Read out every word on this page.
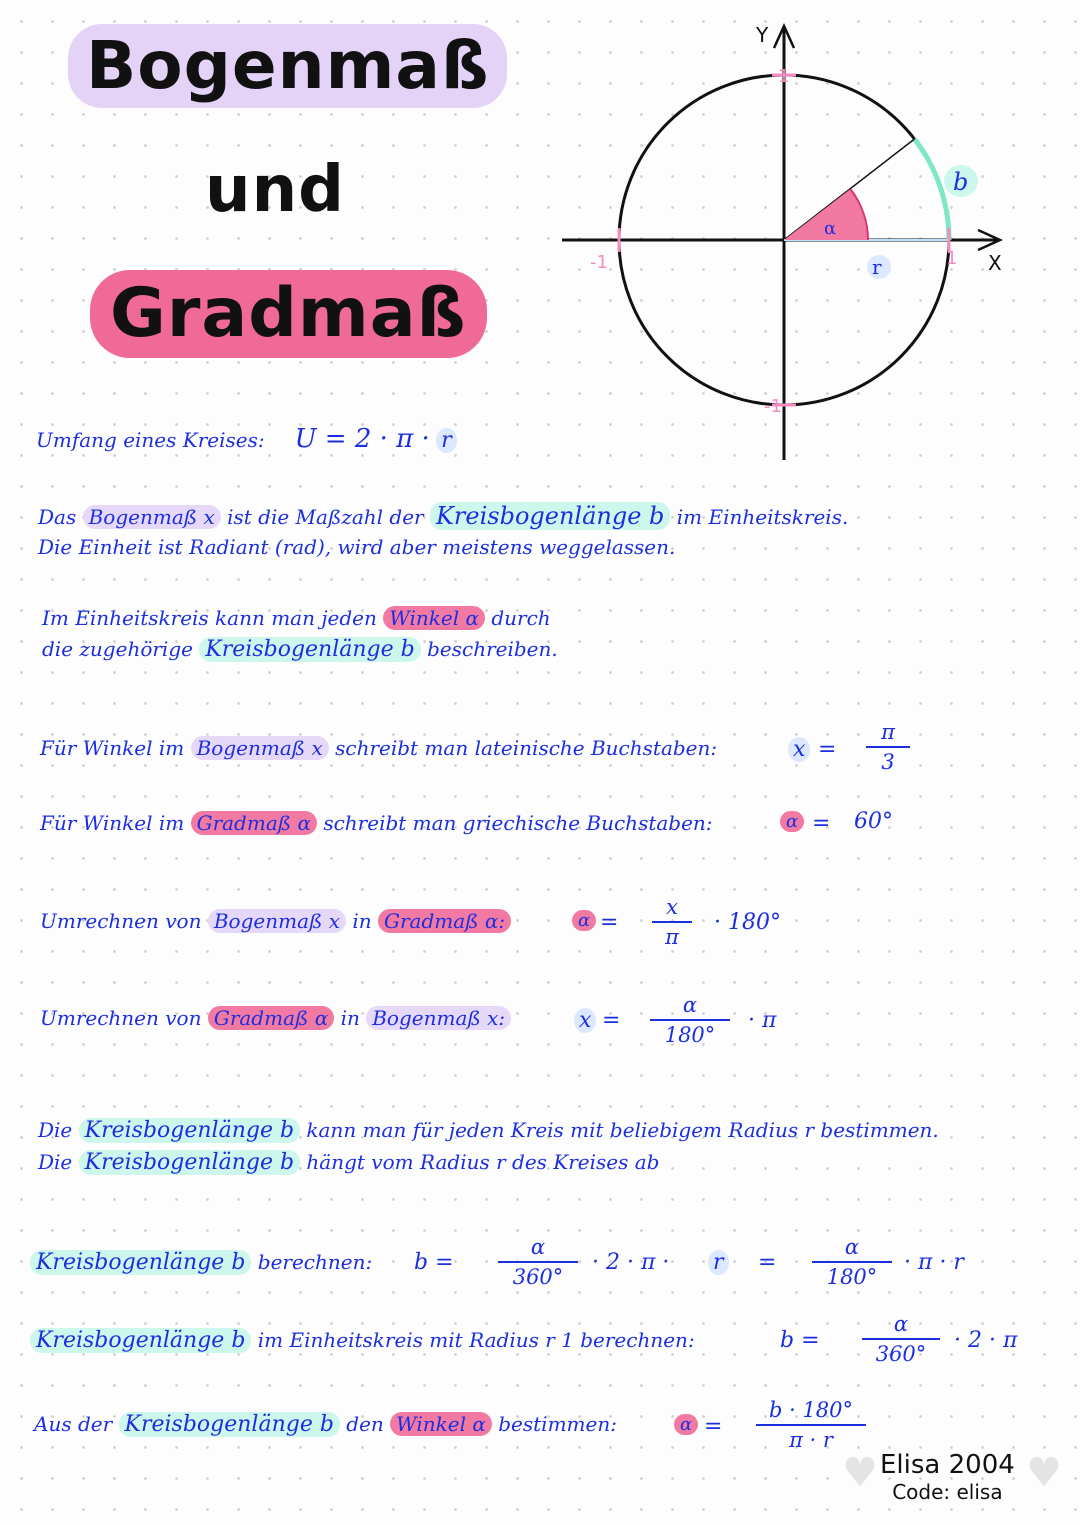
Bogenmaß
und
Gradmaß
1
1
-1
-1
Y
X
b
α
r
Umfang eines Kreises: U = 2 · π · r
Das Bogenmaß x ist die Maßzahl der Kreisbogenlänge b im Einheitskreis.
Die Einheit ist Radiant (rad), wird aber meistens weggelassen.
Im Einheitskreis kann man jeden Winkel α durch
die zugehörige Kreisbogenlänge b beschreiben.
Für Winkel im Bogenmaß x schreibt man lateinische Buchstaben:	$x = \frac{\pi}{3}$
Für Winkel im Gradmaß α schreibt man griechische Buchstaben:	α = 60°
Umrechnen von Bogenmaß x in Gradmaß α:	$\alpha = \frac{x}{\pi} \cdot 180^\circ$
Umrechnen von Gradmaß α in Bogenmaß x:	$x = \frac{\alpha}{180^\circ} \cdot \pi$
Die Kreisbogenlänge b kann man für jeden Kreis mit beliebigem Radius r bestimmen.
Die Kreisbogenlänge b hängt vom Radius r des Kreises ab
Kreisbogenlänge b berechnen: $b = \frac{\alpha}{360^\circ} \cdot 2 \cdot \pi \cdot r = \frac{\alpha}{180^\circ} \cdot \pi \cdot r$
Kreisbogenlänge b im Einheitskreis mit Radius r 1 berechnen:	$b = \frac{\alpha}{360^\circ} \cdot 2 \cdot \pi$
Aus der Kreisbogenlänge b den Winkel α bestimmen:	$\alpha = \frac{b \cdot 180^\circ}{\pi \cdot r}$
♥	♥
Elisa 2004
Code: elisa
